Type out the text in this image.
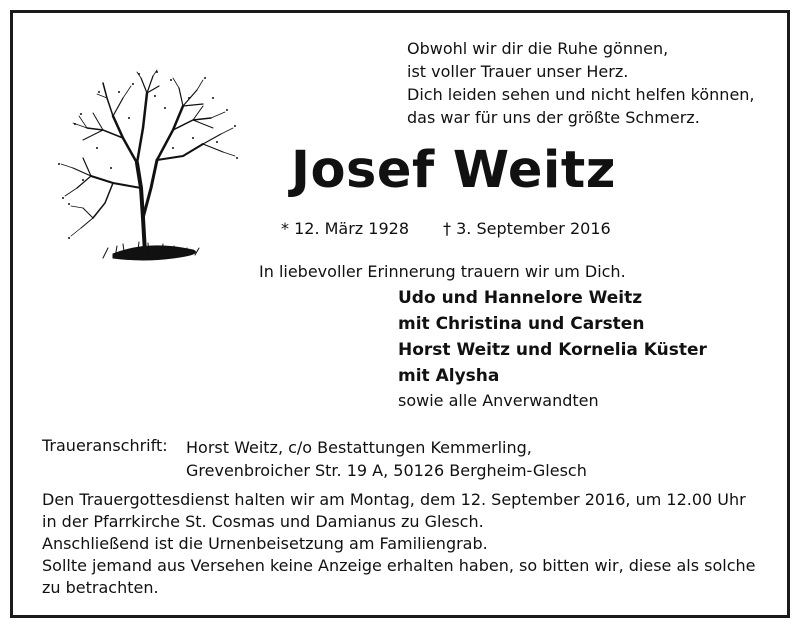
Obwohl wir dir die Ruhe gönnen,
ist voller Trauer unser Herz.
Dich leiden sehen und nicht helfen können,
das war für uns der größte Schmerz.
Josef Weitz
* 12. März 1928 † 3. September 2016
In liebevoller Erinnerung trauern wir um Dich.
Udo und Hannelore Weitz
mit Christina und Carsten
Horst Weitz und Kornelia Küster
mit Alysha
sowie alle Anverwandten
Traueranschrift: Horst Weitz, c/o Bestattungen Kemmerling,
Grevenbroicher Str. 19 A, 50126 Bergheim-Glesch
Den Trauergottesdienst halten wir am Montag, dem 12. September 2016, um 12.00 Uhr
in der Pfarrkirche St. Cosmas und Damianus zu Glesch.
Anschließend ist die Urnenbeisetzung am Familiengrab.
Sollte jemand aus Versehen keine Anzeige erhalten haben, so bitten wir, diese als solche
zu betrachten.
